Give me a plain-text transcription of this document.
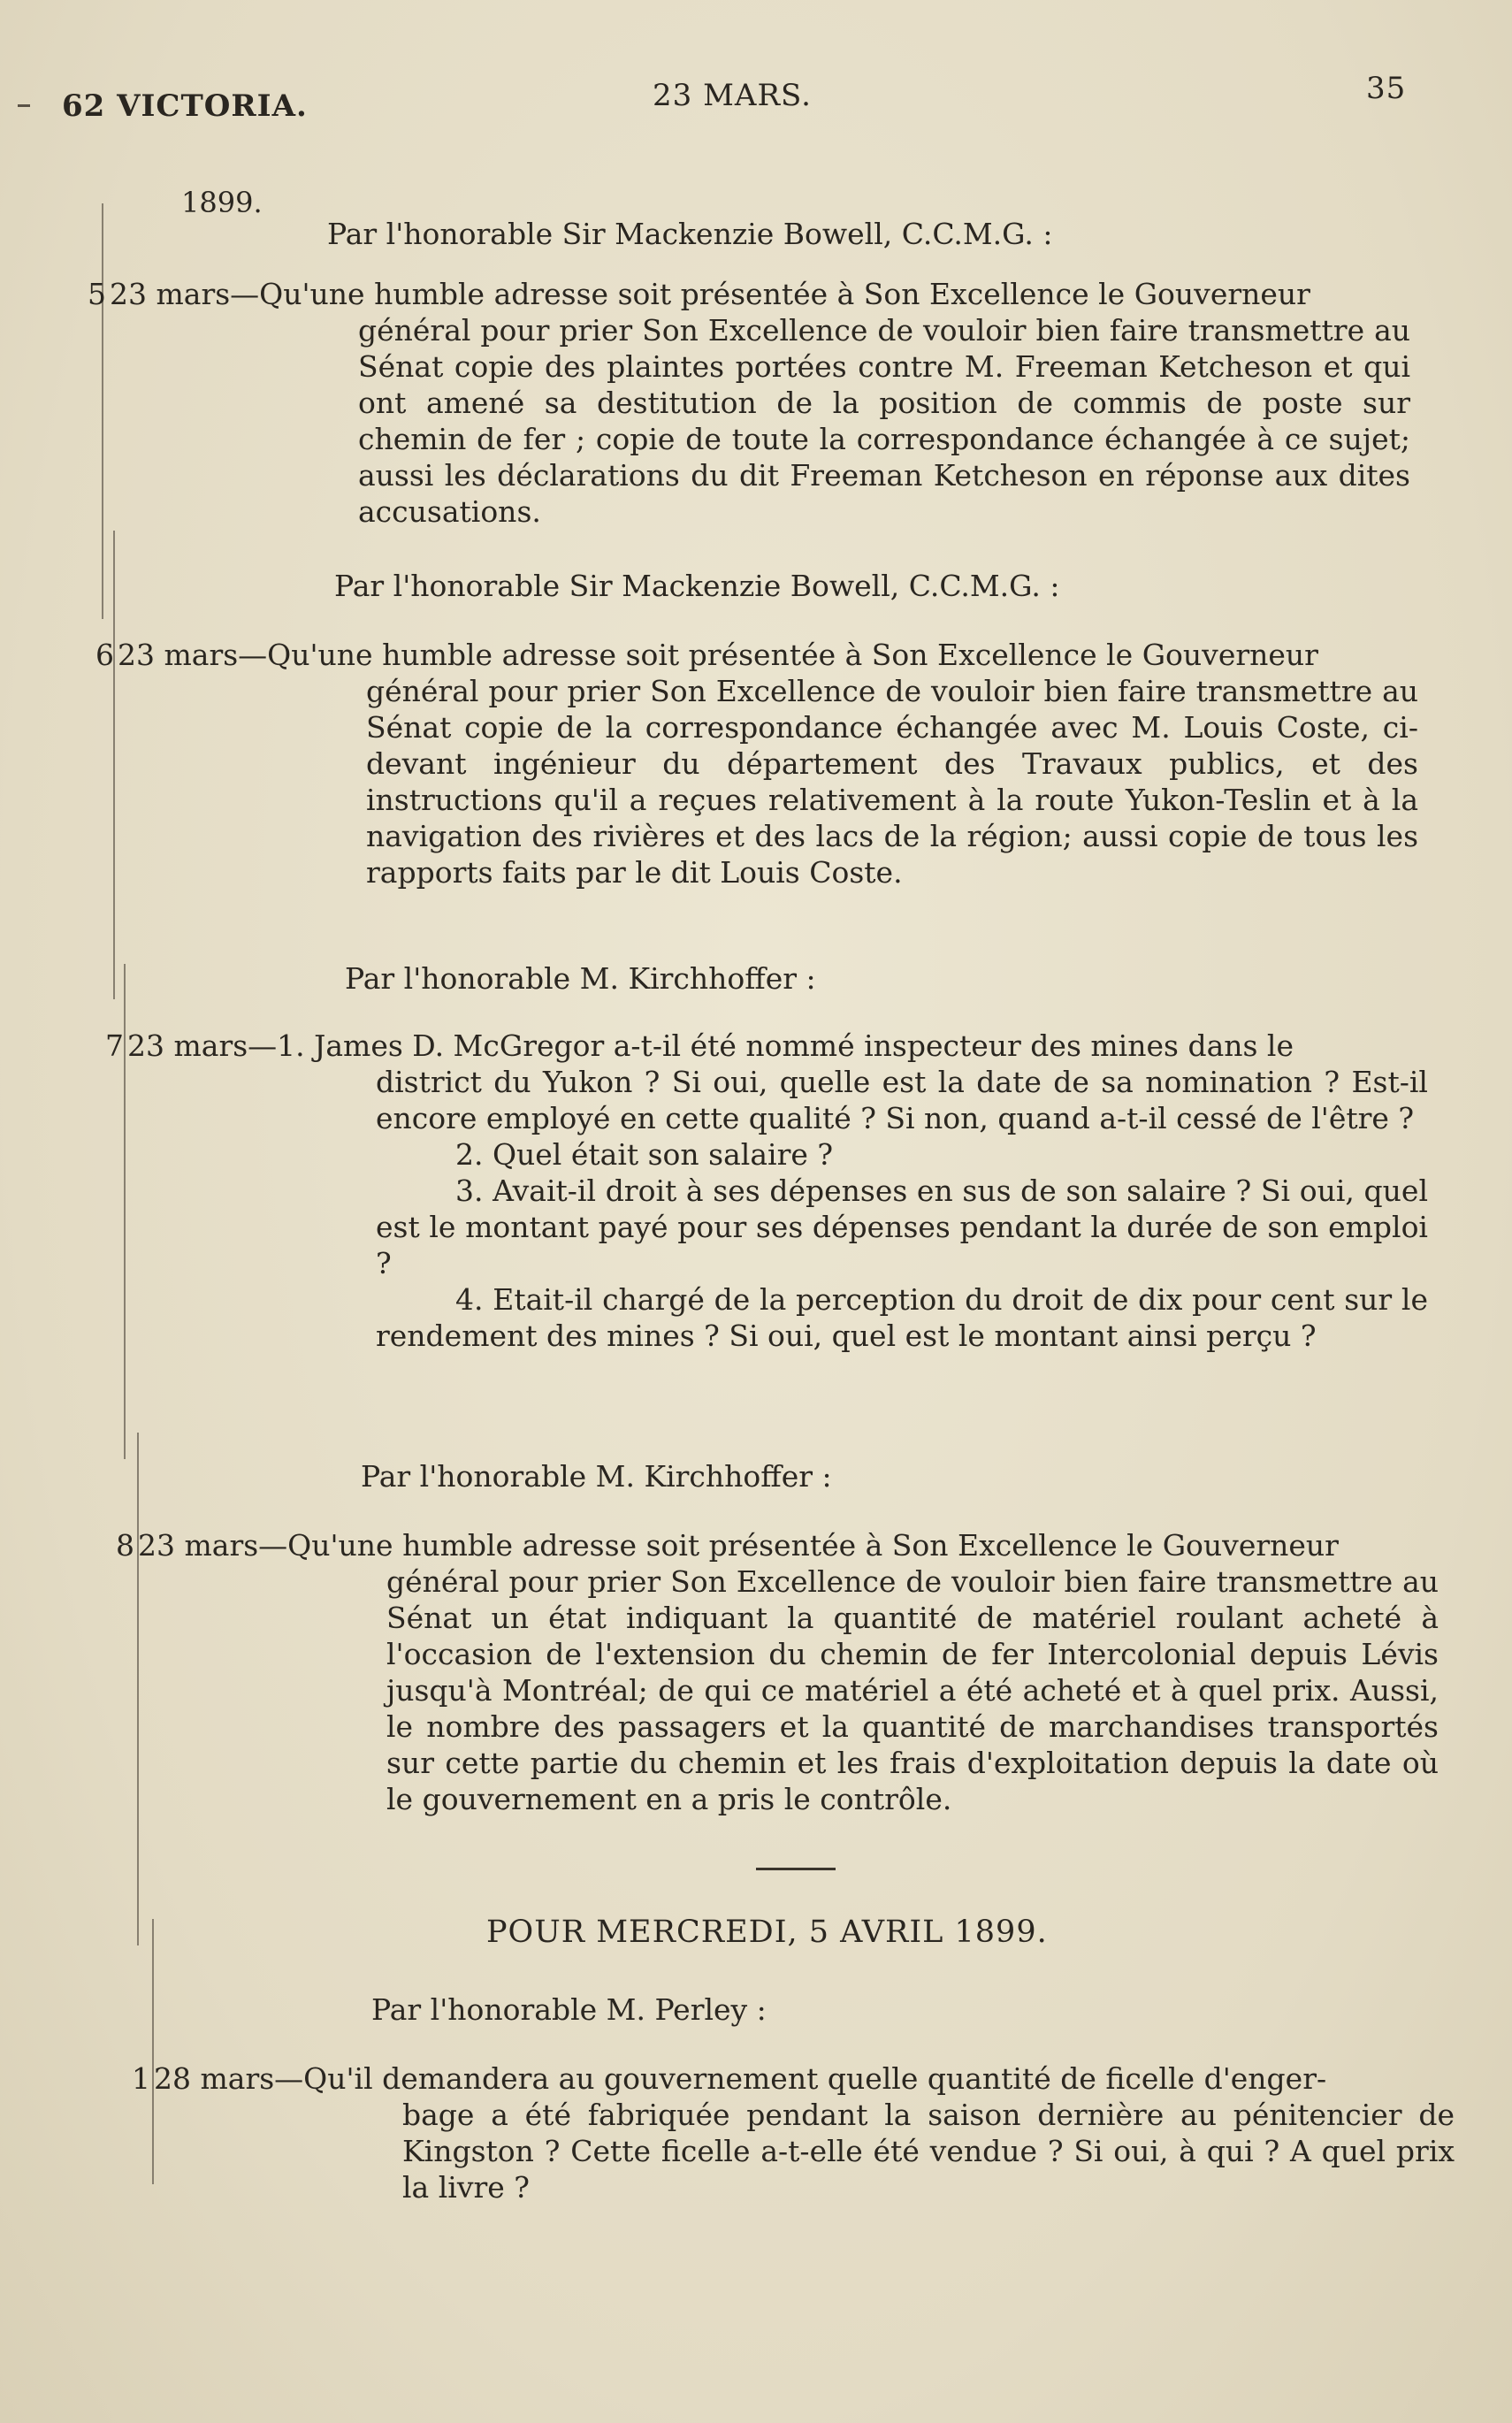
62 VICTORIA.	23 MARS.	35
1899.
Par l'honorable Sir Mackenzie Bowell, C.C.M.G. :
5 23 mars—Qu'une humble adresse soit présentée à Son Excellence le Gouverneur

général pour prier Son Excellence de vouloir bien faire transmettre au Sénat copie des plaintes portées contre M. Freeman Ketcheson et qui ont amené sa destitution de la position de commis de poste sur chemin de fer ; copie de toute la correspondance échangée à ce sujet; aussi les déclarations du dit Freeman Ketcheson en réponse aux dites accusations.

Par l'honorable Sir Mackenzie Bowell, C.C.M.G. :
6 23 mars—Qu'une humble adresse soit présentée à Son Excellence le Gouverneur

général pour prier Son Excellence de vouloir bien faire transmettre au Sénat copie de la correspondance échangée avec M. Louis Coste, ci-devant ingénieur du département des Travaux publics, et des instructions qu'il a reçues relativement à la route Yukon-Teslin et à la navigation des rivières et des lacs de la région; aussi copie de tous les rapports faits par le dit Louis Coste.

Par l'honorable M. Kirchhoffer :
7 23 mars—1. James D. McGregor a-t-il été nommé inspecteur des mines dans le

district du Yukon ? Si oui, quelle est la date de sa nomination ? Est-il encore employé en cette qualité ? Si non, quand a-t-il cessé de l'être ?

2. Quel était son salaire ?

3. Avait-il droit à ses dépenses en sus de son salaire ? Si oui, quel est le montant payé pour ses dépenses pendant la durée de son emploi ?

4. Etait-il chargé de la perception du droit de dix pour cent sur le rendement des mines ? Si oui, quel est le montant ainsi perçu ?

Par l'honorable M. Kirchhoffer :
8 23 mars—Qu'une humble adresse soit présentée à Son Excellence le Gouverneur

général pour prier Son Excellence de vouloir bien faire transmettre au Sénat un état indiquant la quantité de matériel roulant acheté à l'occasion de l'extension du chemin de fer Intercolonial depuis Lévis jusqu'à Montréal; de qui ce matériel a été acheté et à quel prix. Aussi, le nombre des passagers et la quantité de marchandises transportés sur cette partie du chemin et les frais d'exploitation depuis la date où le gouvernement en a pris le contrôle.

POUR MERCREDI, 5 AVRIL 1899.
Par l'honorable M. Perley :
1 28 mars—Qu'il demandera au gouvernement quelle quantité de ficelle d'enger-

bage a été fabriquée pendant la saison dernière au pénitencier de Kingston ? Cette ficelle a-t-elle été vendue ? Si oui, à qui ? A quel prix la livre ?
